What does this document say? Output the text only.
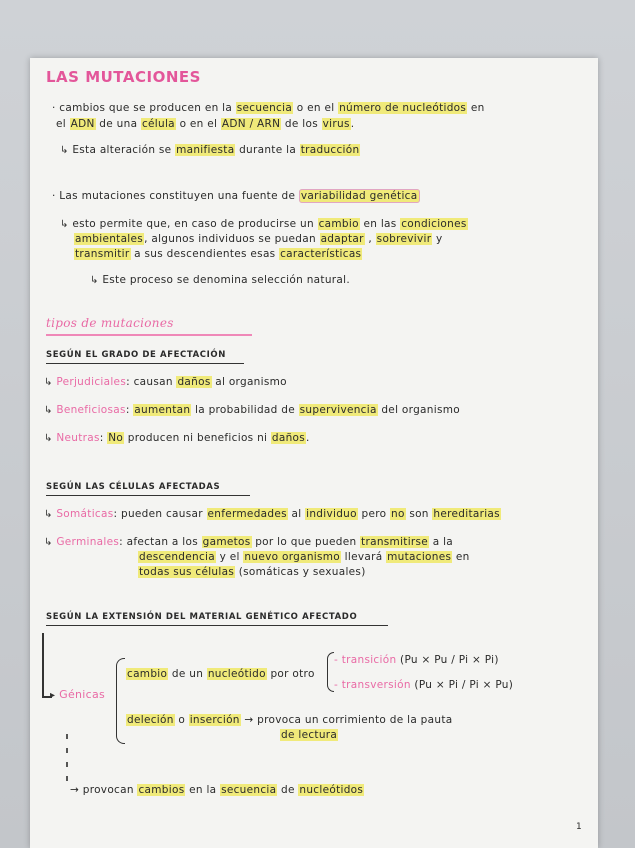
LAS MUTACIONES
· cambios que se producen en la secuencia o en el número de nucleótidos en
el ADN de una célula o en el ADN / ARN de los virus.
↳ Esta alteración se manifiesta durante la traducción
· Las mutaciones constituyen una fuente de variabilidad genética
↳ esto permite que, en caso de producirse un cambio en las condiciones
ambientales, algunos individuos se puedan adaptar , sobrevivir y
transmitir a sus descendientes esas características
↳ Este proceso se denomina selección natural.
tipos de mutaciones
SEGÚN EL GRADO DE AFECTACIÓN
↳ Perjudiciales: causan daños al organismo
↳ Beneficiosas: aumentan la probabilidad de supervivencia del organismo
↳ Neutras: No producen ni beneficios ni daños.
SEGÚN LAS CÉLULAS AFECTADAS
↳ Somáticas: pueden causar enfermedades al individuo pero no son hereditarias
↳ Germinales: afectan a los gametos por lo que pueden transmitirse a la
descendencia y el nuevo organismo llevará mutaciones en
todas sus células (somáticas y sexuales)
SEGÚN LA EXTENSIÓN DEL MATERIAL GENÉTICO AFECTADO
▸ Génicas
cambio de un nucleótido por otro
- transición (Pu × Pu / Pi × Pi)
- transversión (Pu × Pi / Pi × Pu)
deleción o inserción → provoca un corrimiento de la pauta
de lectura
→ provocan cambios en la secuencia de nucleótidos
1
